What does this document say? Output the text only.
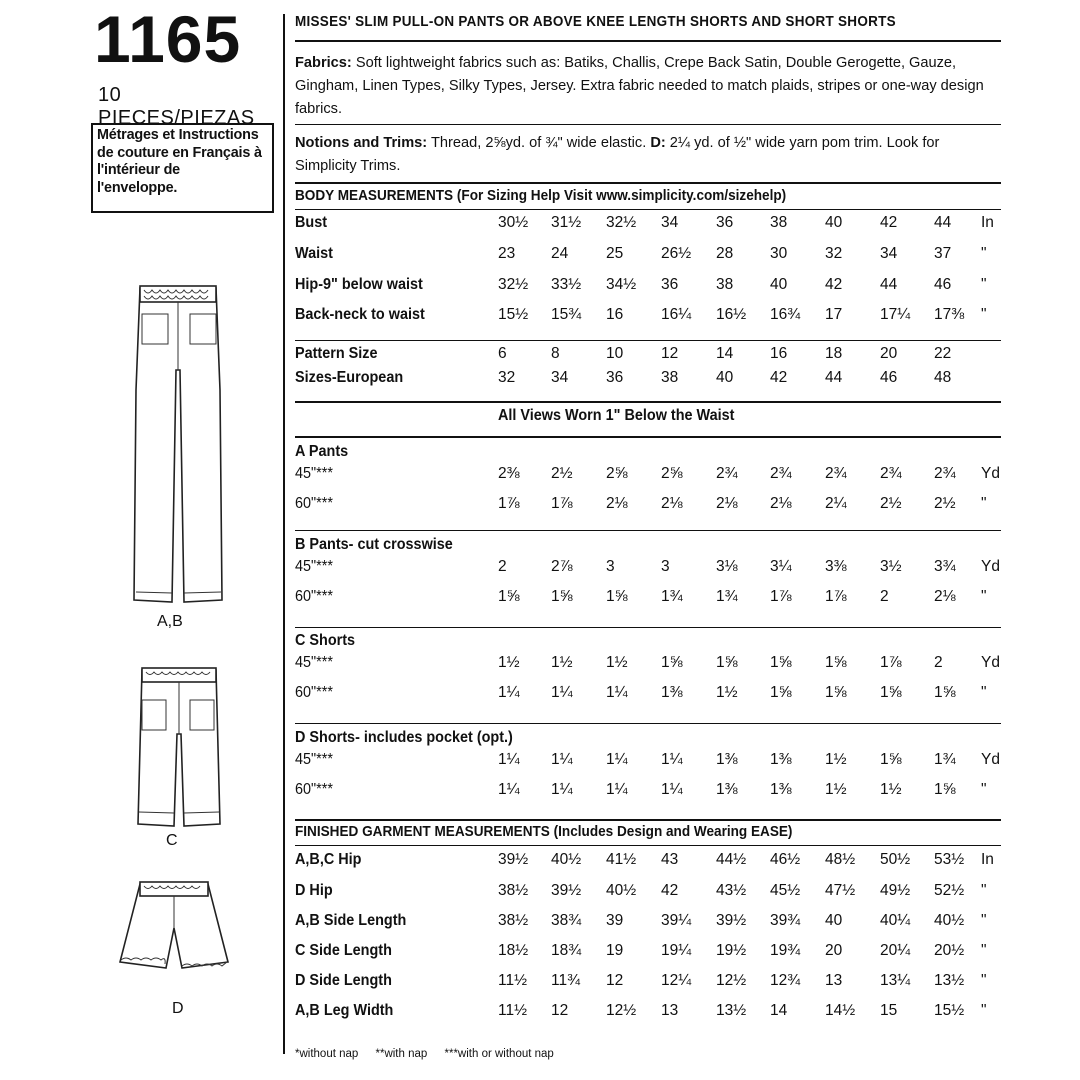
1165
10 PIECES/PIEZAS
Métrages et Instructions
de couture en Français à
l'intérieur de
l'enveloppe.
A,B
C
D
MISSES' SLIM PULL-ON PANTS OR ABOVE KNEE LENGTH SHORTS AND SHORT SHORTS
Fabrics: Soft lightweight fabrics such as: Batiks, Challis, Crepe Back Satin, Double Gerogette, Gauze, Gingham, Linen Types, Silky Types, Jersey. Extra fabric needed to match plaids, stripes or one-way design fabrics.
Notions and Trims: Thread, 2⅝yd. of ¾" wide elastic. D: 2¼ yd. of ½" wide yarn pom trim. Look for Simplicity Trims.
BODY MEASUREMENTS (For Sizing Help Visit www.simplicity.com/sizehelp)
Bust	30½ 31½ 32½ 34 36 38 40 42 44 In
Waist	23 24 25 26½ 28 30 32 34 37 "
Hip-9" below waist	32½ 33½ 34½ 36 38 40 42 44 46 "
Back-neck to waist	15½ 15¾ 16 16¼ 16½ 16¾ 17 17¼ 17⅜ "
Pattern Size	6	8	10 12 14 16 18 20 22
Sizes-European	32 34 36 38 40 42 44 46 48
A Pants
45"***	2⅜ 2½ 2⅝ 2⅝ 2¾ 2¾ 2¾ 2¾ 2¾ Yd
60"***	1⅞ 1⅞ 2⅛ 2⅛ 2⅛ 2⅛ 2¼ 2½ 2½ "
B Pants- cut crosswise
45"***	2	2⅞ 3	3	3⅛ 3¼ 3⅜ 3½ 3¾ Yd
60"***	1⅝ 1⅝ 1⅝ 1¾ 1¾ 1⅞ 1⅞ 2	2⅛ "
C Shorts
45"***	1½ 1½ 1½ 1⅝ 1⅝ 1⅝ 1⅝ 1⅞ 2 Yd
60"***	1¼ 1¼ 1¼ 1⅜ 1½ 1⅝ 1⅝ 1⅝ 1⅝ "
D Shorts- includes pocket (opt.)
45"***	1¼ 1¼ 1¼ 1¼ 1⅜ 1⅜ 1½ 1⅝ 1¾ Yd
60"***	1¼ 1¼ 1¼ 1¼ 1⅜ 1⅜ 1½ 1½ 1⅝ "
A,B,C Hip	39½ 40½ 41½ 43 44½ 46½ 48½ 50½ 53½ In
D Hip	38½ 39½ 40½ 42 43½ 45½ 47½ 49½ 52½ "
A,B Side Length	38½ 38¾ 39 39¼ 39½ 39¾ 40 40¼ 40½ "
C Side Length	18½ 18¾ 19 19¼ 19½ 19¾ 20 20¼ 20½ "
D Side Length	11½ 11¾ 12 12¼ 12½ 12¾ 13 13¼ 13½ "
A,B Leg Width	11½ 12 12½ 13 13½ 14 14½ 15 15½ "
All Views Worn 1" Below the Waist
FINISHED GARMENT MEASUREMENTS (Includes Design and Wearing EASE)
*without nap **with nap ***with or without nap
